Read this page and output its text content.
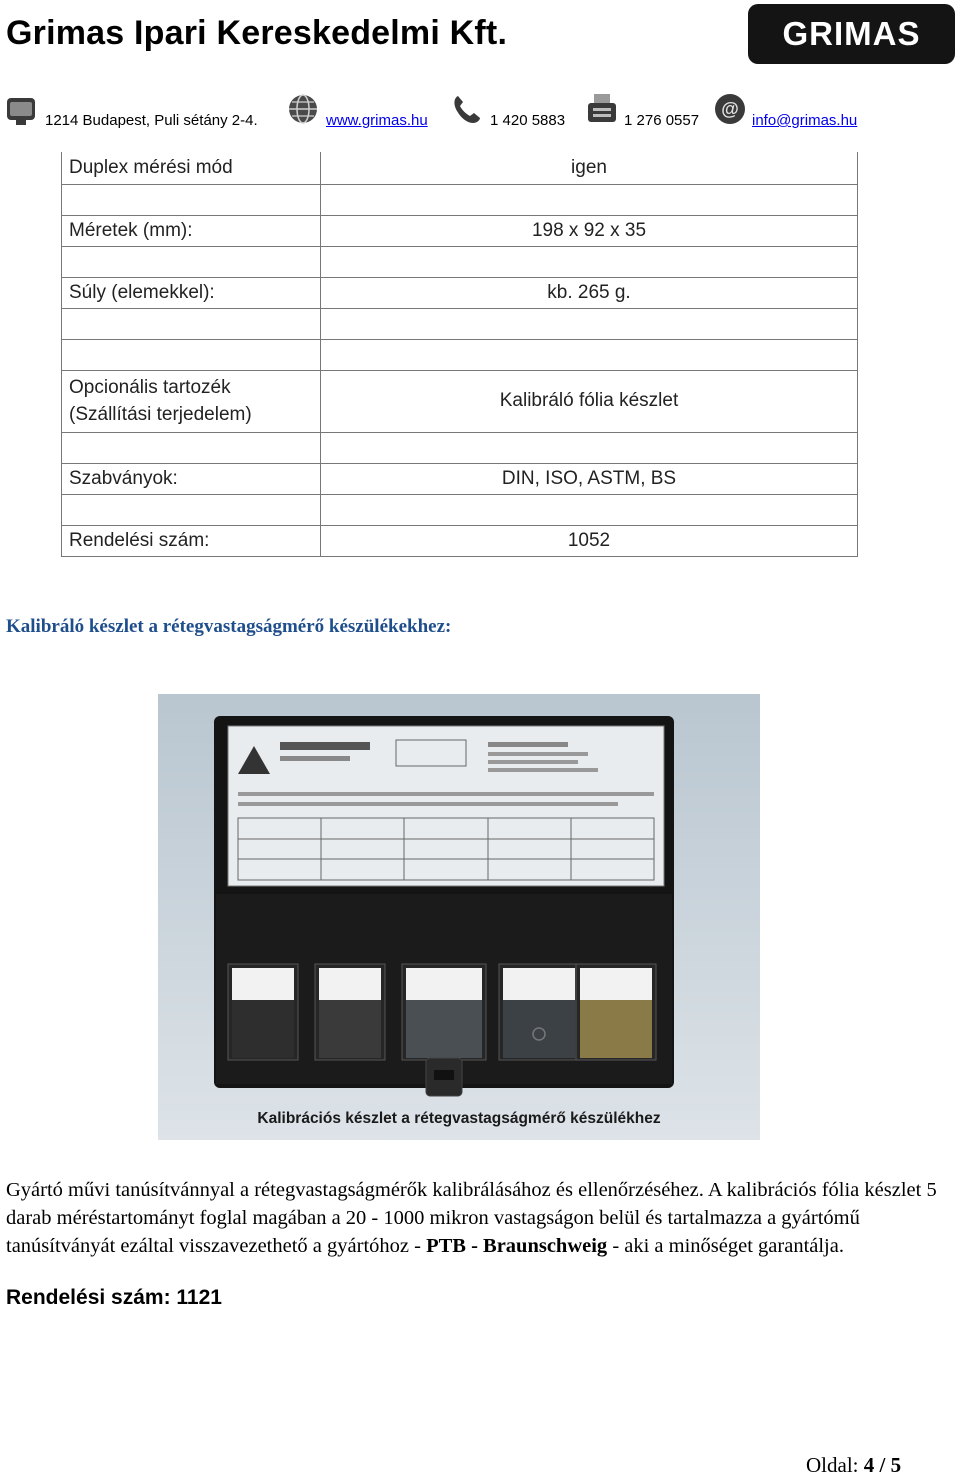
Grimas Ipari Kereskedelmi Kft.	GRIMAS
1214 Budapest, Puli sétány 2-4.	www.grimas.hu	1 420 5883	1 276 0557
@
info@grimas.hu
Duplex mérési mód	igen

Méretek (mm):	198 x 92 x 35

Súly (elemekkel):	kb. 265 g.

Opcionális tartozék
(Szállítási terjedelem)	Kalibráló fólia készlet

Szabványok:	DIN, ISO, ASTM, BS

Rendelési szám:	1052
Kalibráló készlet a rétegvastagságmérő készülékekhez:
Kalibrációs készlet a rétegvastagságmérő készülékhez
Gyártó művi tanúsítvánnyal a rétegvastagságmérők kalibrálásához és ellenőrzéséhez. A kalibrációs fólia készlet 5 darab méréstartományt foglal magában a 20 - 1000 mikron vastagságon belül és tartalmazza a gyártómű tanúsítványát ezáltal visszavezethető a gyártóhoz - PTB - Braunschweig - aki a minőséget garantálja.
Rendelési szám: 1121
Oldal: 4 / 5
